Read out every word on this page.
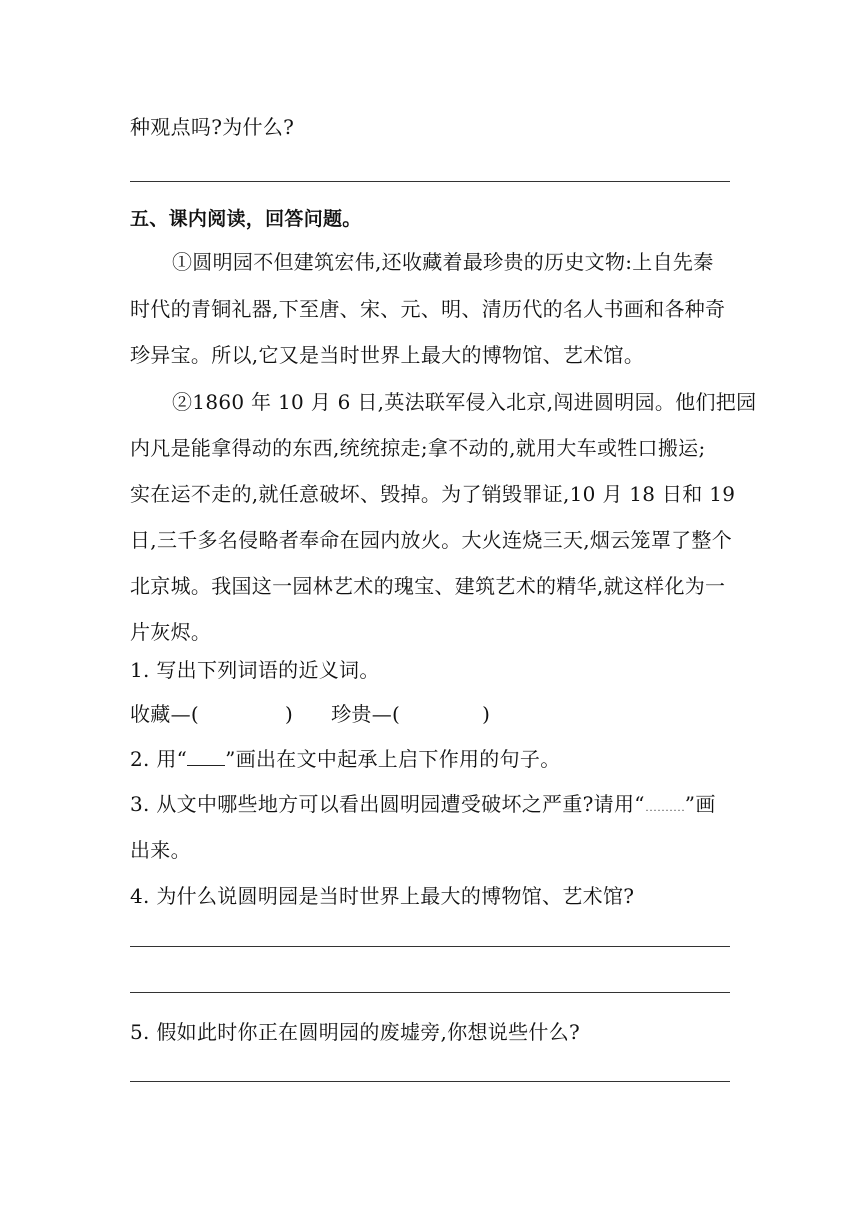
种观点吗?为什么?
五、课内阅读，回答问题。
①圆明园不但建筑宏伟,还收藏着最珍贵的历史文物:上自先秦
时代的青铜礼器,下至唐、宋、元、明、清历代的名人书画和各种奇
珍异宝。所以,它又是当时世界上最大的博物馆、艺术馆。
②1860 年 10 月 6 日,英法联军侵入北京,闯进圆明园。他们把园
内凡是能拿得动的东西,统统掠走;拿不动的,就用大车或牲口搬运;
实在运不走的,就任意破坏、毁掉。为了销毁罪证,10 月 18 日和 19
日,三千多名侵略者奉命在园内放火。大火连烧三天,烟云笼罩了整个
北京城。我国这一园林艺术的瑰宝、建筑艺术的精华,就这样化为一
片灰烬。
1. 写出下列词语的近义词。
收藏—(	) 珍贵—(	)
2. 用“ ”画出在文中起承上启下作用的句子。
3. 从文中哪些地方可以看出圆明园遭受破坏之严重?请用“ ”画
出来。
4. 为什么说圆明园是当时世界上最大的博物馆、艺术馆?
5. 假如此时你正在圆明园的废墟旁,你想说些什么?
